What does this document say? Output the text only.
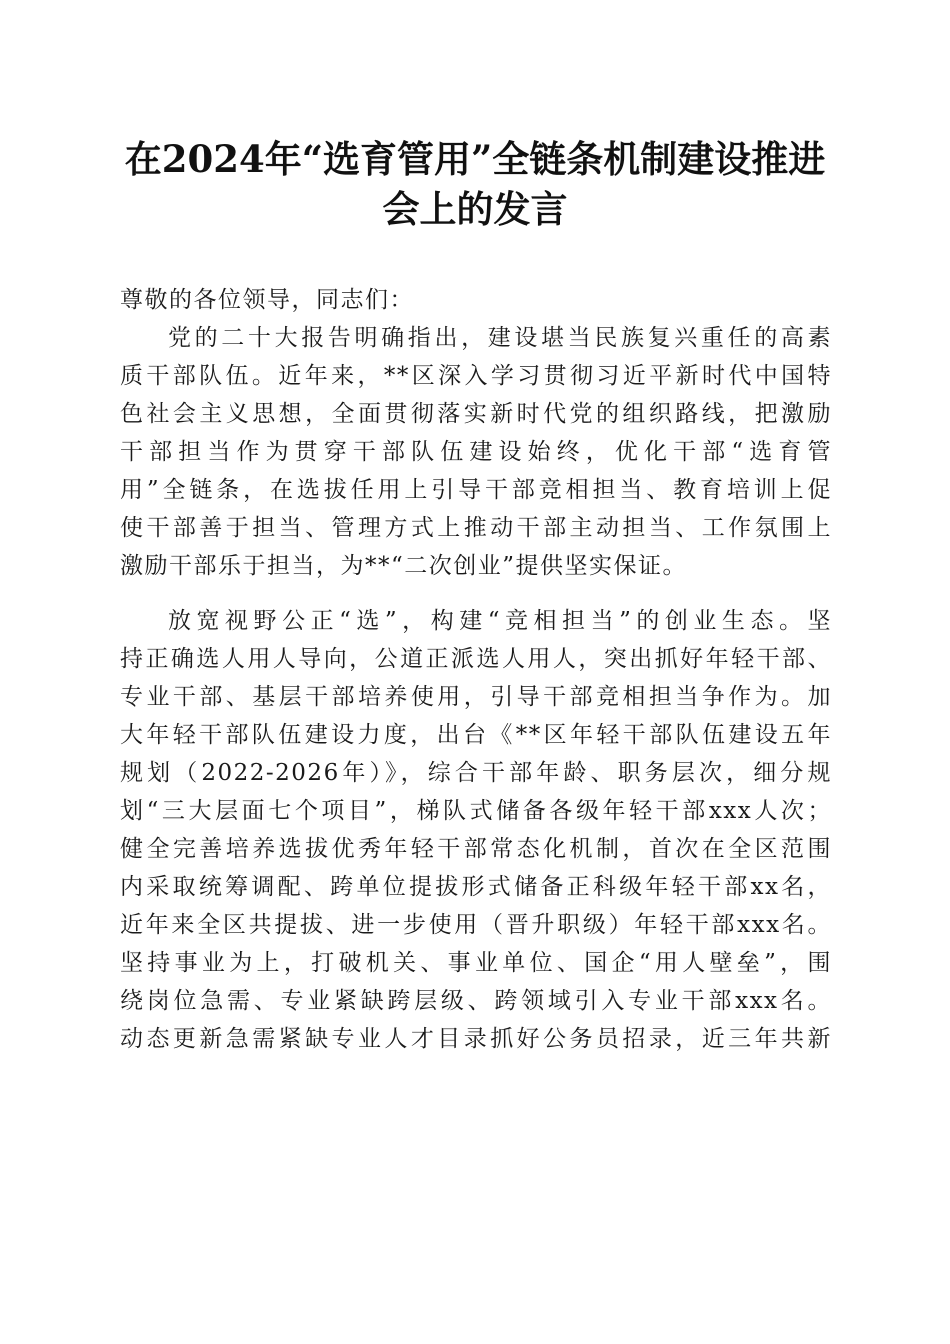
在2024年“选育管用”全链条机制建设推进
会上的发言
尊敬的各位领导，同志们：
党的二十大报告明确指出，建设堪当民族复兴重任的高素
质干部队伍。近年来，**区深入学习贯彻习近平新时代中国特
色社会主义思想，全面贯彻落实新时代党的组织路线，把激励
干部担当作为贯穿干部队伍建设始终，优化干部“选育管
用”全链条，在选拔任用上引导干部竞相担当、教育培训上促
使干部善于担当、管理方式上推动干部主动担当、工作氛围上
激励干部乐于担当，为**“二次创业”提供坚实保证。
放宽视野公正“选”，构建“竞相担当”的创业生态。坚
持正确选人用人导向，公道正派选人用人，突出抓好年轻干部、
专业干部、基层干部培养使用，引导干部竞相担当争作为。加
大年轻干部队伍建设力度，出台《**区年轻干部队伍建设五年
规划（2022-2026年）》，综合干部年龄、职务层次，细分规
划“三大层面七个项目”，梯队式储备各级年轻干部xxx人次；
健全完善培养选拔优秀年轻干部常态化机制，首次在全区范围
内采取统筹调配、跨单位提拔形式储备正科级年轻干部xx名，
近年来全区共提拔、进一步使用（晋升职级）年轻干部xxx名。
坚持事业为上，打破机关、事业单位、国企“用人壁垒”，围
绕岗位急需、专业紧缺跨层级、跨领域引入专业干部xxx名。
动态更新急需紧缺专业人才目录抓好公务员招录，近三年共新
